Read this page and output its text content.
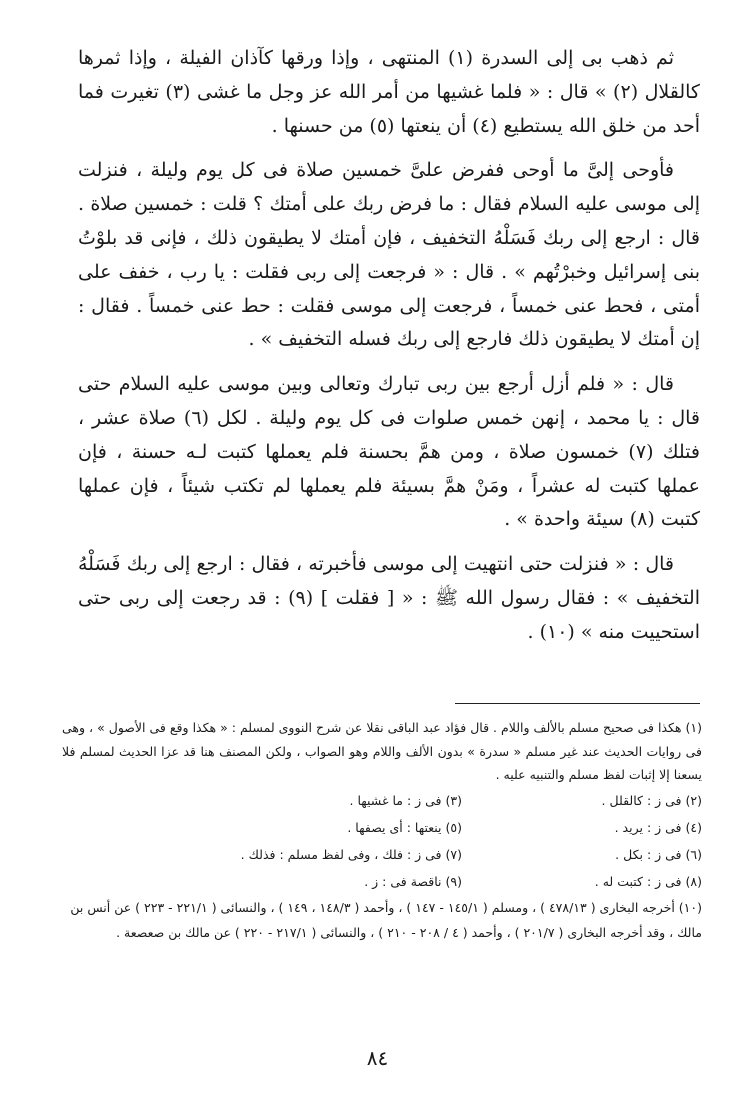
ثم ذهب بى إلى السدرة (١) المنتهى ، وإذا ورقها كآذان الفيلة ، وإذا ثمرها كالقلال (٢) » قال : « فلما غشيها من أمر الله عز وجل ما غشى (٣) تغيرت فما أحد من خلق الله يستطيع (٤) أن ينعتها (٥) من حسنها .

فأوحى إلىَّ ما أوحى ففرض علىَّ خمسين صلاة فى كل يوم وليلة ، فنزلت إلى موسى عليه السلام فقال : ما فرض ربك على أمتك ؟ قلت : خمسين صلاة . قال : ارجع إلى ربك فَسَلْهُ التخفيف ، فإن أمتك لا يطيقون ذلك ، فإنى قد بلوْتُ بنى إسرائيل وخبرْتُهم » . قال : « فرجعت إلى ربى فقلت : يا رب ، خفف على أمتى ، فحط عنى خمساً ، فرجعت إلى موسى فقلت : حط عنى خمساً . فقال : إن أمتك لا يطيقون ذلك فارجع إلى ربك فسله التخفيف » .

قال : « فلم أزل أرجع بين ربى تبارك وتعالى وبين موسى عليه السلام حتى قال : يا محمد ، إنهن خمس صلوات فى كل يوم وليلة . لكل (٦) صلاة عشر ، فتلك (٧) خمسون صلاة ، ومن همَّ بحسنة فلم يعملها كتبت لـه حسنة ، فإن عملها كتبت له عشراً ، ومَنْ همَّ بسيئة فلم يعملها لم تكتب شيئاً ، فإن عملها كتبت (٨) سيئة واحدة » .

قال : « فنزلت حتى انتهيت إلى موسى فأخبرته ، فقال : ارجع إلى ربك فَسَلْهُ التخفيف » : فقال رسول الله ﷺ : « [ فقلت ] (٩) : قد رجعت إلى ربى حتى استحييت منه » (١٠) .

(١) هكذا فى صحيح مسلم بالألف واللام . قال فؤاد عبد الباقى نقلا عن شرح النووى لمسلم : « هكذا وقع فى الأصول » ، وهى فى روايات الحديث عند غير مسلم « سدرة » بدون الألف واللام وهو الصواب ، ولكن المصنف هنا قد عزا الحديث لمسلم فلا يسعنا إلا إثبات لفظ مسلم والتنبيه عليه .
(٢) فى ز : كالقلل .
(٣) فى ز : ما غشيها .
(٤) فى ز : يريد .
(٥) ينعتها : أى يصفها .
(٦) فى ز : بكل .
(٧) فى ز : فلك ، وفى لفظ مسلم : فذلك .
(٨) فى ز : كتبت له .
(٩) ناقصة فى : ز .
(١٠) أخرجه البخارى ( ٤٧٨/١٣ ) ، ومسلم ( ١٤٥/١ - ١٤٧ ) ، وأحمد ( ١٤٨/٣ ، ١٤٩ ) ، والنسائى ( ٢٢١/١ - ٢٢٣ ) عن أنس بن مالك ، وقد أخرجه البخارى ( ٢٠١/٧ ) ، وأحمد ( ٤ / ٢٠٨ - ٢١٠ ) ، والنسائى ( ٢١٧/١ - ٢٢٠ ) عن مالك بن صعصعة .
٨٤
